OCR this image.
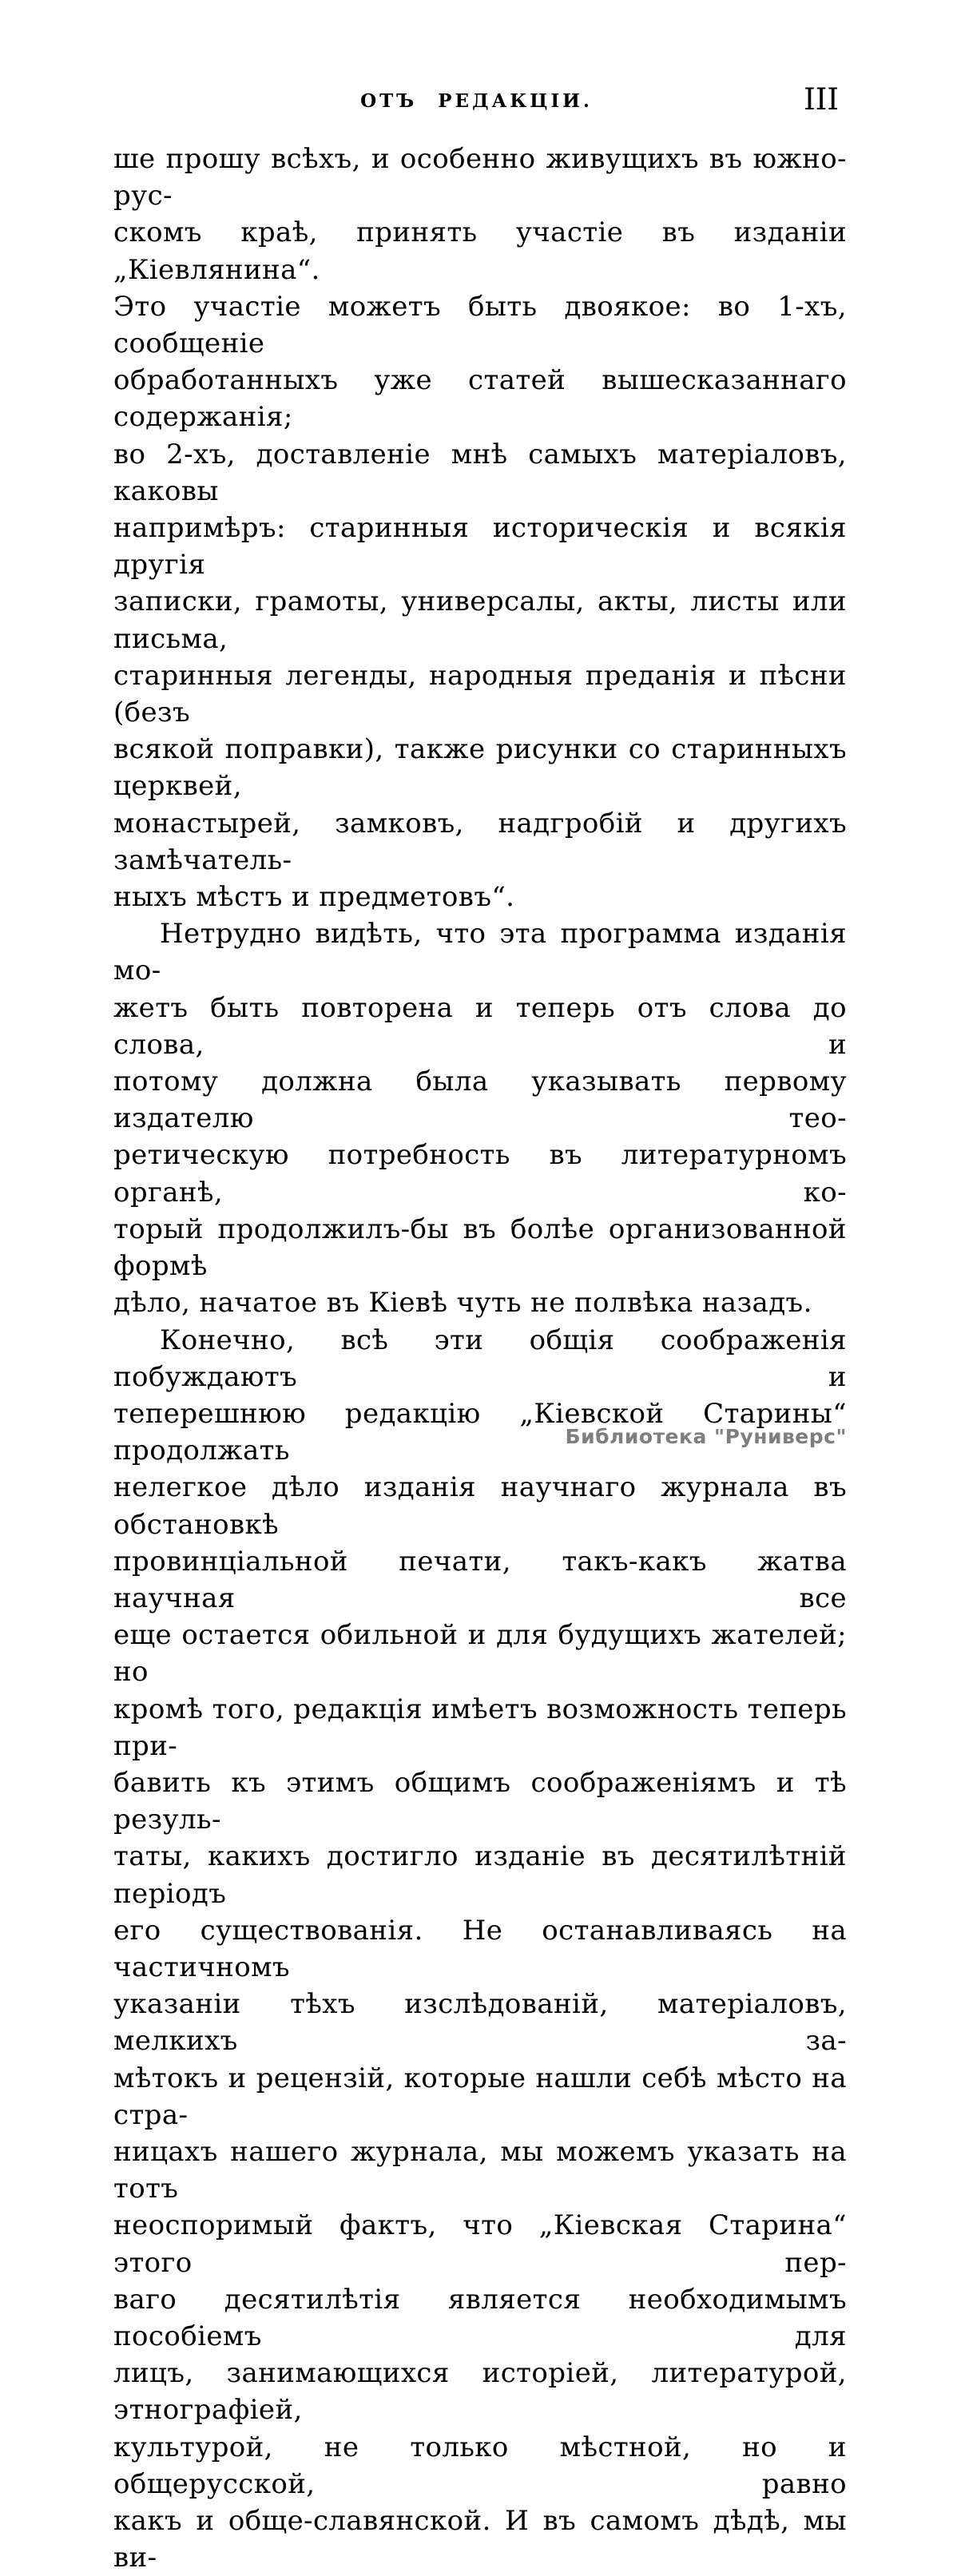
ОТЪ РЕДАКЦІИ.	III
ше прошу всѣхъ, и особенно живущихъ въ южно-рус-
скомъ краѣ, принять участіе въ изданіи „Кіевлянина“.
Это участіе можетъ быть двоякое: во 1-хъ, сообщеніе
обработанныхъ уже статей вышесказаннаго содержанія;
во 2-хъ, доставленіе мнѣ самыхъ матеріаловъ, каковы
напримѣръ: старинныя историческія и всякія другія
записки, грамоты, универсалы, акты, листы или письма,
старинныя легенды, народныя преданія и пѣсни (безъ
всякой поправки), также рисунки со старинныхъ церквей,
монастырей, замковъ, надгробій и другихъ замѣчатель-
ныхъ мѣстъ и предметовъ“.
Нетрудно видѣть, что эта программа изданія мо-
жетъ быть повторена и теперь отъ слова до слова, и
потому должна была указывать первому издателю тео-
ретическую потребность въ литературномъ органѣ, ко-
торый продолжилъ-бы въ болѣе организованной формѣ
дѣло, начатое въ Кіевѣ чуть не полвѣка назадъ.
Конечно, всѣ эти общія соображенія побуждаютъ и
теперешнюю редакцію „Кіевской Старины“ продолжать
нелегкое дѣло изданія научнаго журнала въ обстановкѣ
провинціальной печати, такъ-какъ жатва научная все
еще остается обильной и для будущихъ жателей; но
кромѣ того, редакція имѣетъ возможность теперь при-
бавить къ этимъ общимъ соображеніямъ и тѣ резуль-
таты, какихъ достигло изданіе въ десятилѣтній періодъ
его существованія. Не останавливаясь на частичномъ
указаніи тѣхъ изслѣдованій, матеріаловъ, мелкихъ за-
мѣтокъ и рецензій, которые нашли себѣ мѣсто на стра-
ницахъ нашего журнала, мы можемъ указать на тотъ
неоспоримый фактъ, что „Кіевская Старина“ этого пер-
ваго десятилѣтія является необходимымъ пособіемъ для
лицъ, занимающихся исторіей, литературой, этнографіей,
культурой, не только мѣстной, но и общерусской, равно
какъ и обще-славянской. И въ самомъ дѣдѣ, мы ви-
Библиотека "Руниверс"
